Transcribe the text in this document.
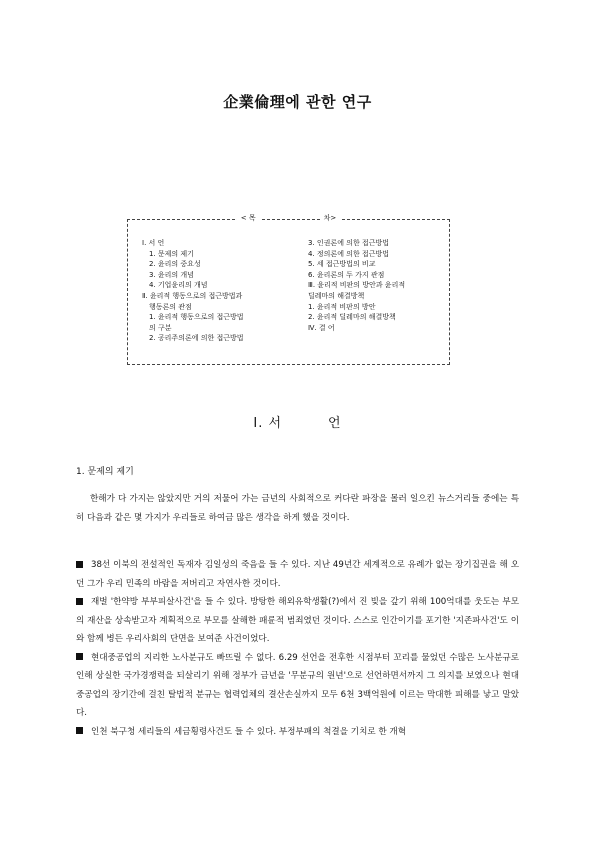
企業倫理에 관한 연구
< 목	차>
Ⅰ. 서 언
1. 문제의 제기
2. 윤리의 중요성
3. 윤리의 개념
4. 기업윤리의 개념
Ⅱ. 윤리적 행동으로의 접근방법과
행동론의 관점
1. 윤리적 행동으로의 접근방법
의 구분
2. 공리주의론에 의한 접근방법
3. 인권론에 의한 접근방법
4. 정의론에 의한 접근방법
5. 세 접근방법의 비교
6. 윤리론의 두 가지 관점
Ⅲ. 윤리적 비판의 방안과 윤리적
딜레마의 해결방책
1. 윤리적 비판의 방안
2. 윤리적 딜레마의 해결방책
Ⅳ. 결 어
Ⅰ. 서	언
1. 문제의 제기
한해가 다 가지는 않았지만 거의 저물어 가는 금년의 사회적으로 커다란 파장을 몰러 일으킨 뉴스거리들 중에는 특히 다음과 같은 몇 가지가 우리들로 하여금 많은 생각을 하게 했을 것이다.
38선 이북의 전설적인 독재자 김일성의 죽음을 들 수 있다. 지난 49년간 세계적으로 유례가 없는 장기집권을 해 오던 그가 우리 민족의 바람을 저버리고 자연사한 것이다.
재벌 '한약방 부부피살사건'을 들 수 있다. 방탕한 해외유학생활(?)에서 진 빚을 갚기 위해 100억대를 웃도는 부모의 재산을 상속받고자 계획적으로 부모를 살해한 패륜적 범죄였던 것이다. 스스로 인간이기를 포기한 '지존파사건'도 이와 함께 병든 우리사회의 단면을 보여준 사건이었다.
현대중공업의 지리한 노사분규도 빠뜨릴 수 없다. 6.29 선언을 전후한 시점부터 꼬리를 물었던 수많은 노사분규로 인해 상실한 국가경쟁력을 되살리기 위해 정부가 금년을 '무분규의 원년'으로 선언하면서까지 그 의지를 보였으나 현대중공업의 장기간에 걸친 탈법적 분규는 협력업체의 결산손실까지 모두 6천 3백억원에 이르는 막대한 피해를 낳고 말았다.
인천 북구청 세리들의 세금횡령사건도 들 수 있다. 부정부패의 척결을 기치로 한 개혁
